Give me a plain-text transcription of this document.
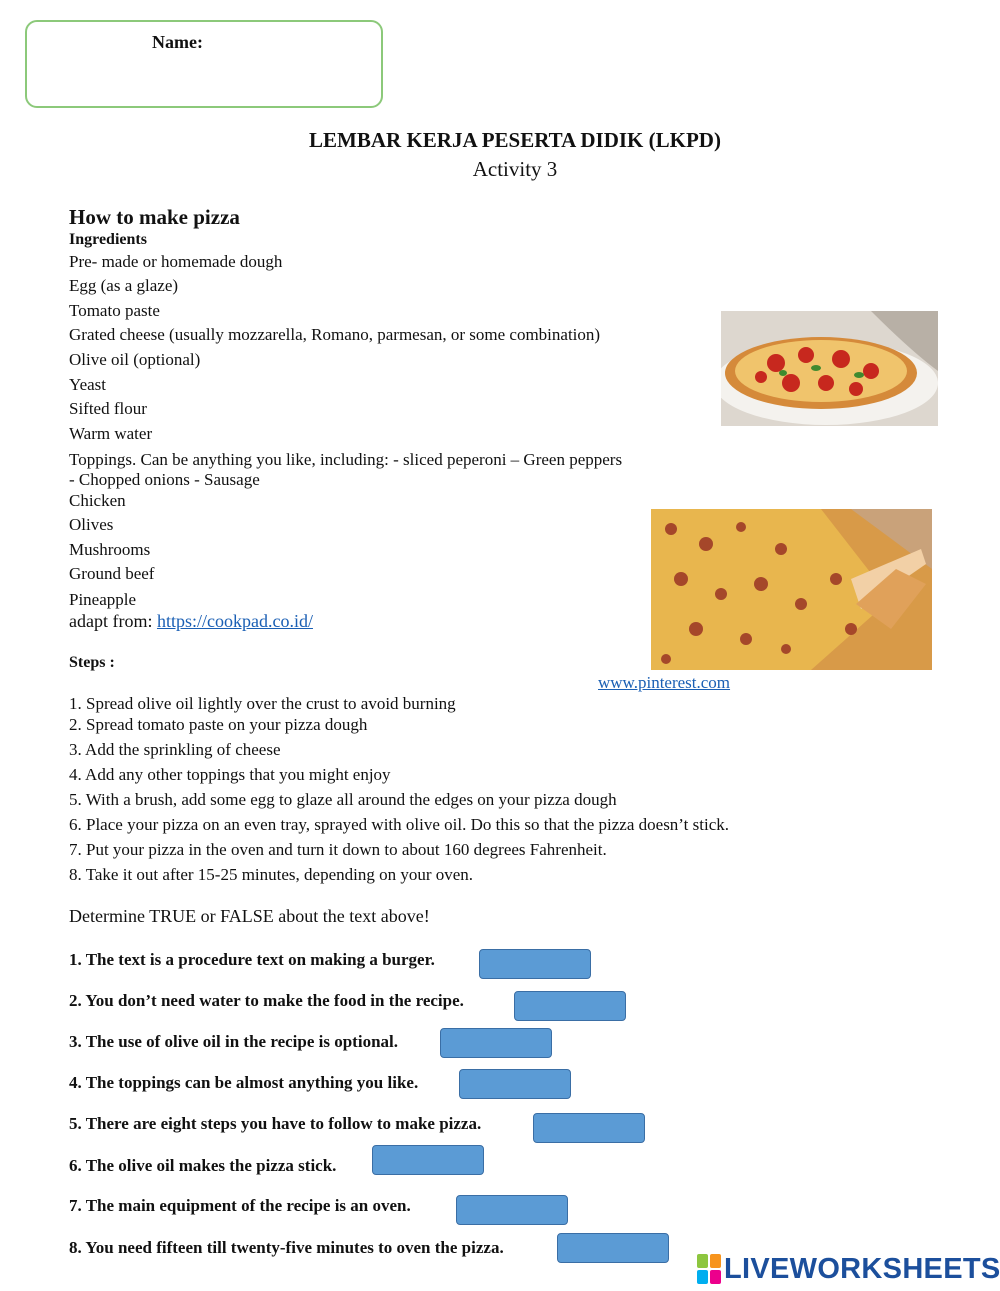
Name:
LEMBAR KERJA PESERTA DIDIK (LKPD)
Activity 3
How to make pizza
Ingredients
Pre- made or homemade dough
Egg (as a glaze)
Tomato paste
Grated cheese (usually mozzarella, Romano, parmesan, or some combination)
Olive oil (optional)
Yeast
Sifted flour
Warm water
Toppings. Can be anything you like, including: - sliced peperoni – Green peppers
- Chopped onions - Sausage
Chicken
Olives
Mushrooms
Ground beef
Pineapple
adapt from: https://cookpad.co.id/
www.pinterest.com
Steps :
1. Spread olive oil lightly over the crust to avoid burning
2. Spread tomato paste on your pizza dough
3. Add the sprinkling of cheese
4. Add any other toppings that you might enjoy
5. With a brush, add some egg to glaze all around the edges on your pizza dough
6. Place your pizza on an even tray, sprayed with olive oil. Do this so that the pizza doesn’t stick.
7. Put your pizza in the oven and turn it down to about 160 degrees Fahrenheit.
8. Take it out after 15-25 minutes, depending on your oven.
Determine TRUE or FALSE about the text above!
1. The text is a procedure text on making a burger.
2. You don’t need water to make the food in the recipe.
3. The use of olive oil in the recipe is optional.
4. The toppings can be almost anything you like.
5. There are eight steps you have to follow to make pizza.
6. The olive oil makes the pizza stick.
7. The main equipment of the recipe is an oven.
8. You need fifteen till twenty-five minutes to oven the pizza.
LIVEWORKSHEETS
